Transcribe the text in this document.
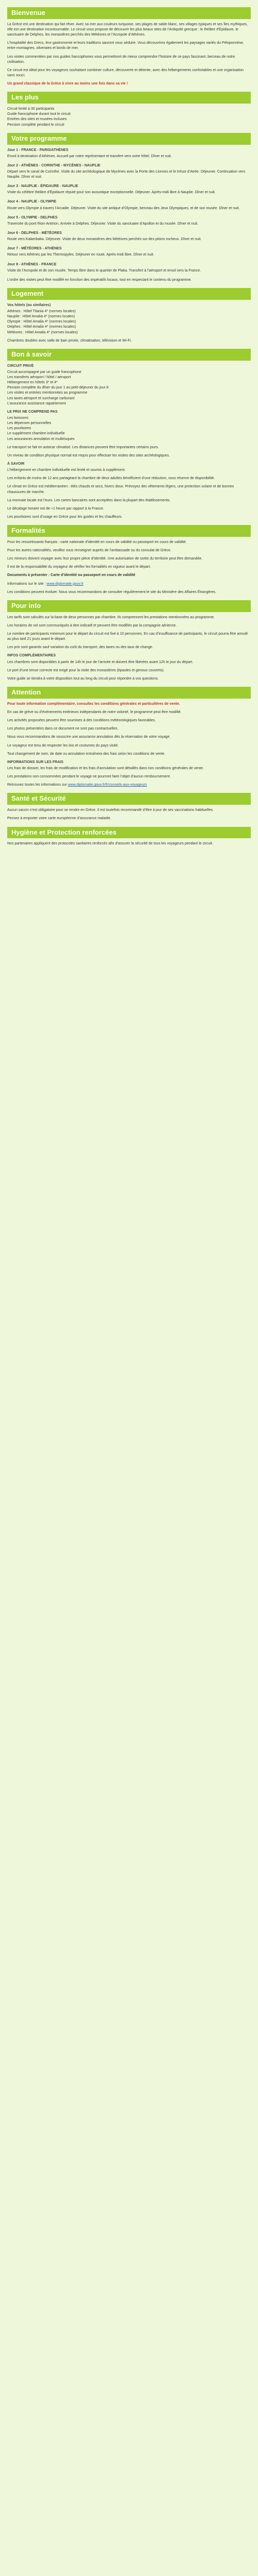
Bienvenue

La Grèce est une destination qui fait rêver. Avec sa mer aux couleurs turquoise, ses plages de sable blanc, ses villages typiques et ses îles mythiques, elle est une destination incontournable. Le circuit vous propose de découvrir les plus beaux sites de l’Antiquité grecque : le théâtre d’Épidaure, le sanctuaire de Delphes, les monastères perchés des Météores et l’Acropole d’Athènes.

L’hospitalité des Grecs, leur gastronomie et leurs traditions sauront vous séduire. Vous découvrirez également les paysages variés du Péloponnèse, entre montagnes, oliveraies et bords de mer.

Les visites commentées par nos guides francophones vous permettront de mieux comprendre l’histoire de ce pays fascinant, berceau de notre civilisation.

Ce circuit est idéal pour les voyageurs souhaitant combiner culture, découverte et détente, avec des hébergements confortables et une organisation sans souci.

Un grand classique de la Grèce à vivre au moins une fois dans sa vie !

Les plus
Circuit limité à 30 participants
Guide francophone durant tout le circuit
Entrées des sites et musées incluses
Pension complète pendant le circuit
Votre programme
Jour 1 - FRANCE - PARIS/ATHÈNES

Envol à destination d’Athènes. Accueil par notre représentant et transfert vers votre hôtel. Dîner et nuit.

Jour 2 - ATHÈNES - CORINTHE - MYCÈNES - NAUPLIE

Départ vers le canal de Corinthe. Visite du site archéologique de Mycènes avec la Porte des Lionnes et le trésor d’Atrée. Déjeuner. Continuation vers Nauplie. Dîner et nuit.

Jour 3 - NAUPLIE - ÉPIDAURE - NAUPLIE

Visite du célèbre théâtre d’Épidaure réputé pour son acoustique exceptionnelle. Déjeuner. Après-midi libre à Nauplie. Dîner et nuit.

Jour 4 - NAUPLIE - OLYMPIE

Route vers Olympie à travers l’Arcadie. Déjeuner. Visite du site antique d’Olympie, berceau des Jeux Olympiques, et de son musée. Dîner et nuit.

Jour 5 - OLYMPIE - DELPHES

Traversée du pont Rion-Antirion. Arrivée à Delphes. Déjeuner. Visite du sanctuaire d’Apollon et du musée. Dîner et nuit.

Jour 6 - DELPHES - MÉTÉORES

Route vers Kalambaka. Déjeuner. Visite de deux monastères des Météores perchés sur des pitons rocheux. Dîner et nuit.

Jour 7 - MÉTÉORES - ATHÈNES

Retour vers Athènes par les Thermopyles. Déjeuner en route. Après-midi libre. Dîner et nuit.

Jour 8 - ATHÈNES - FRANCE

Visite de l’Acropole et de son musée. Temps libre dans le quartier de Plaka. Transfert à l’aéroport et envol vers la France.

L’ordre des visites peut être modifié en fonction des impératifs locaux, tout en respectant le contenu du programme.

Logement
Vos hôtels (ou similaires)
Athènes : Hôtel Titania 4* (normes locales)
Nauplie : Hôtel Amalia 4* (normes locales)
Olympie : Hôtel Amalia 4* (normes locales)
Delphes : Hôtel Amalia 4* (normes locales)
Météores : Hôtel Amalia 4* (normes locales)

Chambres doubles avec salle de bain privée, climatisation, télévision et Wi-Fi.

Bon à savoir
CIRCUIT PRIVÉ
Circuit accompagné par un guide francophone
Les transferts aéroport / hôtel / aéroport
Hébergement en hôtels 3* et 4*
Pension complète du dîner du jour 1 au petit-déjeuner du jour 8
Les visites et entrées mentionnées au programme
Les taxes aéroport et surcharge carburant
L’assurance assistance rapatriement
LE PRIX NE COMPREND PAS
Les boissons
Les dépenses personnelles
Les pourboires
Le supplément chambre individuelle
Les assurances annulation et multirisques

Le transport se fait en autocar climatisé. Les distances peuvent être importantes certains jours.

Un niveau de condition physique normal est requis pour effectuer les visites des sites archéologiques.

À SAVOIR

L’hébergement en chambre individuelle est limité et soumis à supplément.

Les enfants de moins de 12 ans partageant la chambre de deux adultes bénéficient d’une réduction, sous réserve de disponibilité.

Le climat en Grèce est méditerranéen : étés chauds et secs, hivers doux. Prévoyez des vêtements légers, une protection solaire et de bonnes chaussures de marche.

La monnaie locale est l’euro. Les cartes bancaires sont acceptées dans la plupart des établissements.

Le décalage horaire est de +1 heure par rapport à la France.

Les pourboires sont d’usage en Grèce pour les guides et les chauffeurs.

Formalités

Pour les ressortissants français : carte nationale d’identité en cours de validité ou passeport en cours de validité.

Pour les autres nationalités, veuillez vous renseigner auprès de l’ambassade ou du consulat de Grèce.

Les mineurs doivent voyager avec leur propre pièce d’identité. Une autorisation de sortie du territoire peut être demandée.

Il est de la responsabilité du voyageur de vérifier les formalités en vigueur avant le départ.

Documents à présenter : Carte d’identité ou passeport en cours de validité

Informations sur le site : www.diplomatie.gouv.fr

Les conditions peuvent évoluer. Nous vous recommandons de consulter régulièrement le site du Ministère des Affaires Étrangères.

Pour info

Les tarifs sont calculés sur la base de deux personnes par chambre. Ils comprennent les prestations mentionnées au programme.

Les horaires de vol sont communiqués à titre indicatif et peuvent être modifiés par la compagnie aérienne.

Le nombre de participants minimum pour le départ du circuit est fixé à 10 personnes. En cas d’insuffisance de participants, le circuit pourra être annulé au plus tard 21 jours avant le départ.

Les prix sont garantis sauf variation du coût du transport, des taxes ou des taux de change.

INFOS COMPLÉMENTAIRES

Les chambres sont disponibles à partir de 14h le jour de l’arrivée et doivent être libérées avant 12h le jour du départ.

Le port d’une tenue correcte est exigé pour la visite des monastères (épaules et genoux couverts).

Votre guide se tiendra à votre disposition tout au long du circuit pour répondre à vos questions.

Attention

Pour toute information complémentaire, consultez les conditions générales et particulières de vente.

En cas de grève ou d’événements extérieurs indépendants de notre volonté, le programme peut être modifié.

Les activités proposées peuvent être soumises à des conditions météorologiques favorables.

Les photos présentées dans ce document ne sont pas contractuelles.

Nous vous recommandons de souscrire une assurance annulation dès la réservation de votre voyage.

Le voyageur est tenu de respecter les lois et coutumes du pays visité.

Tout changement de nom, de date ou annulation entraînera des frais selon les conditions de vente.

INFORMATIONS SUR LES FRAIS

Les frais de dossier, les frais de modification et les frais d’annulation sont détaillés dans nos conditions générales de vente.

Les prestations non consommées pendant le voyage ne pourront faire l’objet d’aucun remboursement.

Retrouvez toutes les informations sur www.diplomatie.gouv.fr/fr/conseils-aux-voyageurs

Santé et Sécurité

Aucun vaccin n’est obligatoire pour se rendre en Grèce. Il est toutefois recommandé d’être à jour de ses vaccinations habituelles.

Pensez à emporter votre carte européenne d’assurance maladie.

Hygiène et Protection renforcées

Nos partenaires appliquent des protocoles sanitaires renforcés afin d’assurer la sécurité de tous les voyageurs pendant le circuit.
